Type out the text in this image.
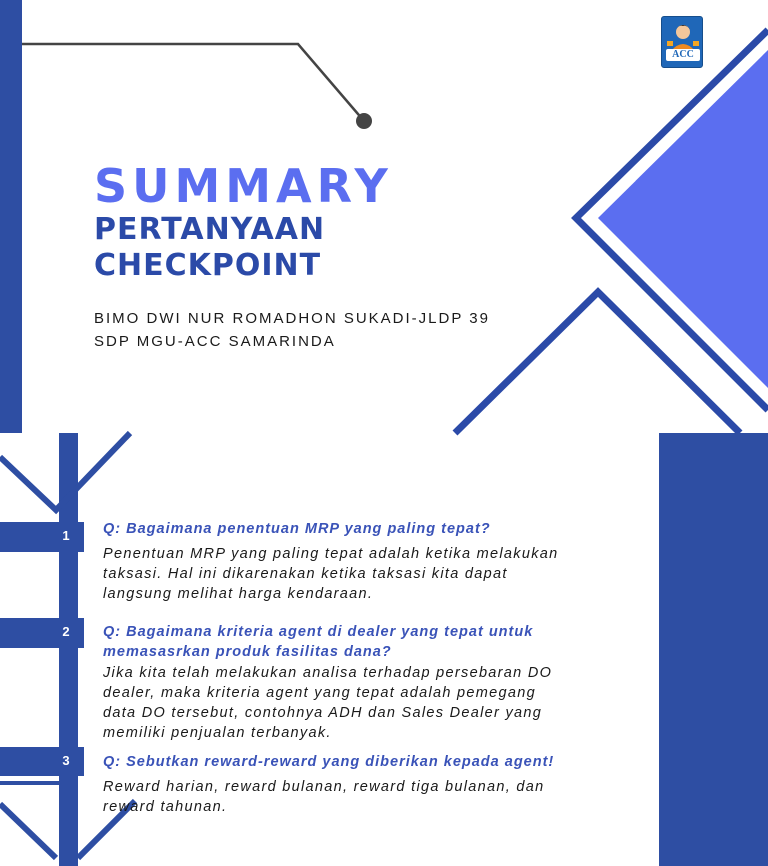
SUMMARY
PERTANYAAN
CHECKPOINT
BIMO DWI NUR ROMADHON SUKADI-JLDP 39
SDP MGU-ACC SAMARINDA
ACC
1	Q: Bagaimana penentuan MRP yang paling tepat?
Penentuan MRP yang paling tepat adalah ketika melakukan
taksasi. Hal ini dikarenakan ketika taksasi kita dapat
langsung melihat harga kendaraan.
2	Q: Bagaimana kriteria agent di dealer yang tepat untuk
memasasrkan produk fasilitas dana?
Jika kita telah melakukan analisa terhadap persebaran DO
dealer, maka kriteria agent yang tepat adalah pemegang
data DO tersebut, contohnya ADH dan Sales Dealer yang
memiliki penjualan terbanyak.
3	Q: Sebutkan reward-reward yang diberikan kepada agent!
Reward harian, reward bulanan, reward tiga bulanan, dan
reward tahunan.
